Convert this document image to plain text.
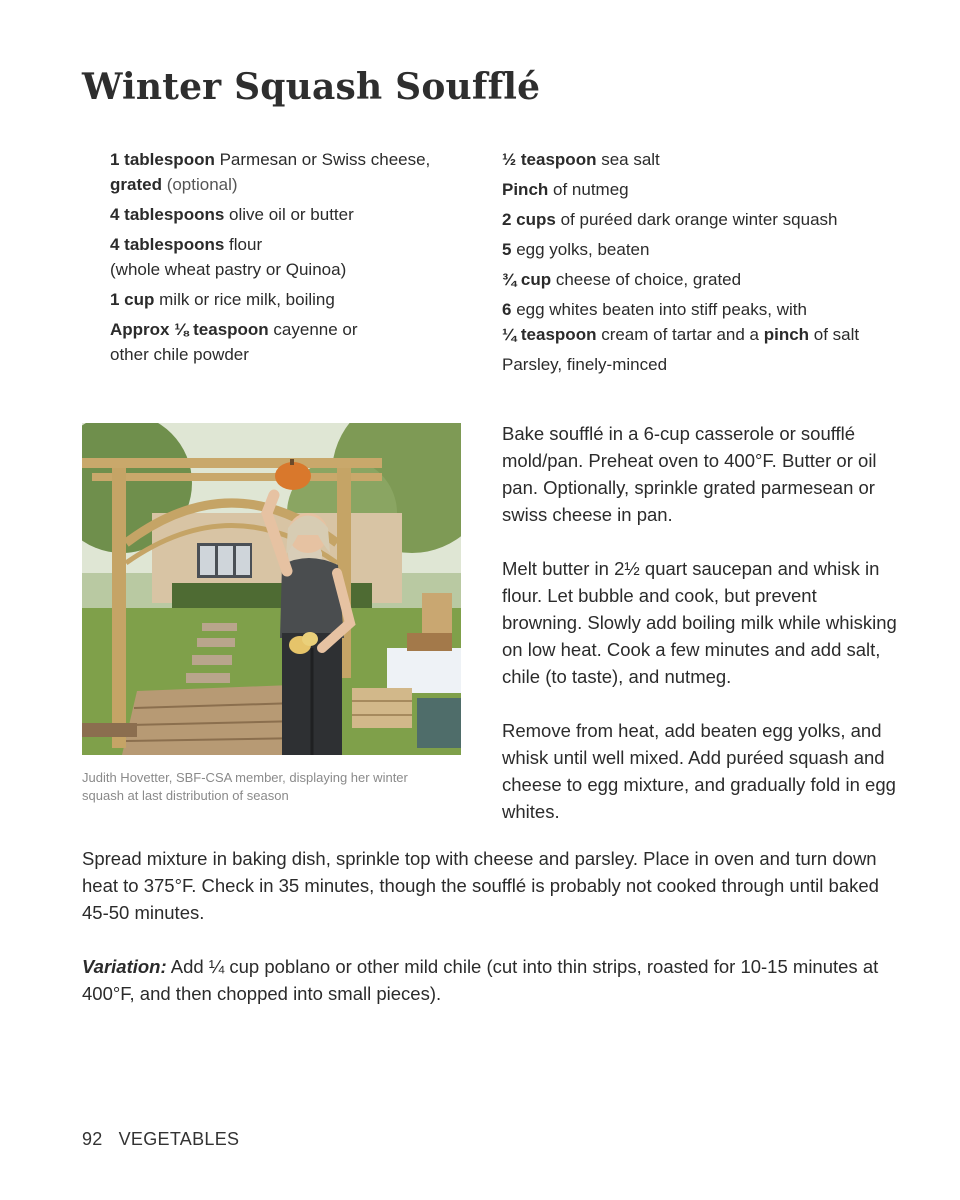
Winter Squash Soufflé

1 tablespoon Parmesan or Swiss cheese,
grated (optional)

4 tablespoons olive oil or butter

4 tablespoons flour
(whole wheat pastry or Quinoa)

1 cup milk or rice milk, boiling

Approx ⅛ teaspoon cayenne or
other chile powder

½ teaspoon sea salt

Pinch of nutmeg

2 cups of puréed dark orange winter squash

5 egg yolks, beaten

¾ cup cheese of choice, grated

6 egg whites beaten into stiff peaks, with
¼ teaspoon cream of tartar and a pinch of salt

Parsley, finely-minced

Judith Hovetter, SBF-CSA member, displaying her winter squash at last distribution of season

Bake soufflé in a 6-cup casserole or soufflé mold/pan. Preheat oven to 400°F. Butter or oil pan. Optionally, sprinkle grated parmesean or swiss cheese in pan.

Melt butter in 2½ quart saucepan and whisk in flour. Let bubble and cook, but prevent browning. Slowly add boiling milk while whisking on low heat. Cook a few minutes and add salt, chile (to taste), and nutmeg.

Remove from heat, add beaten egg yolks, and whisk until well mixed. Add puréed squash and cheese to egg mixture, and gradually fold in egg whites.

Spread mixture in baking dish, sprinkle top with cheese and parsley. Place in oven and turn down heat to 375°F. Check in 35 minutes, though the soufflé is probably not cooked through until baked 45-50 minutes.

Variation: Add ¼ cup poblano or other mild chile (cut into thin strips, roasted for 10-15 minutes at 400°F, and then chopped into small pieces).

92 VEGETABLES
